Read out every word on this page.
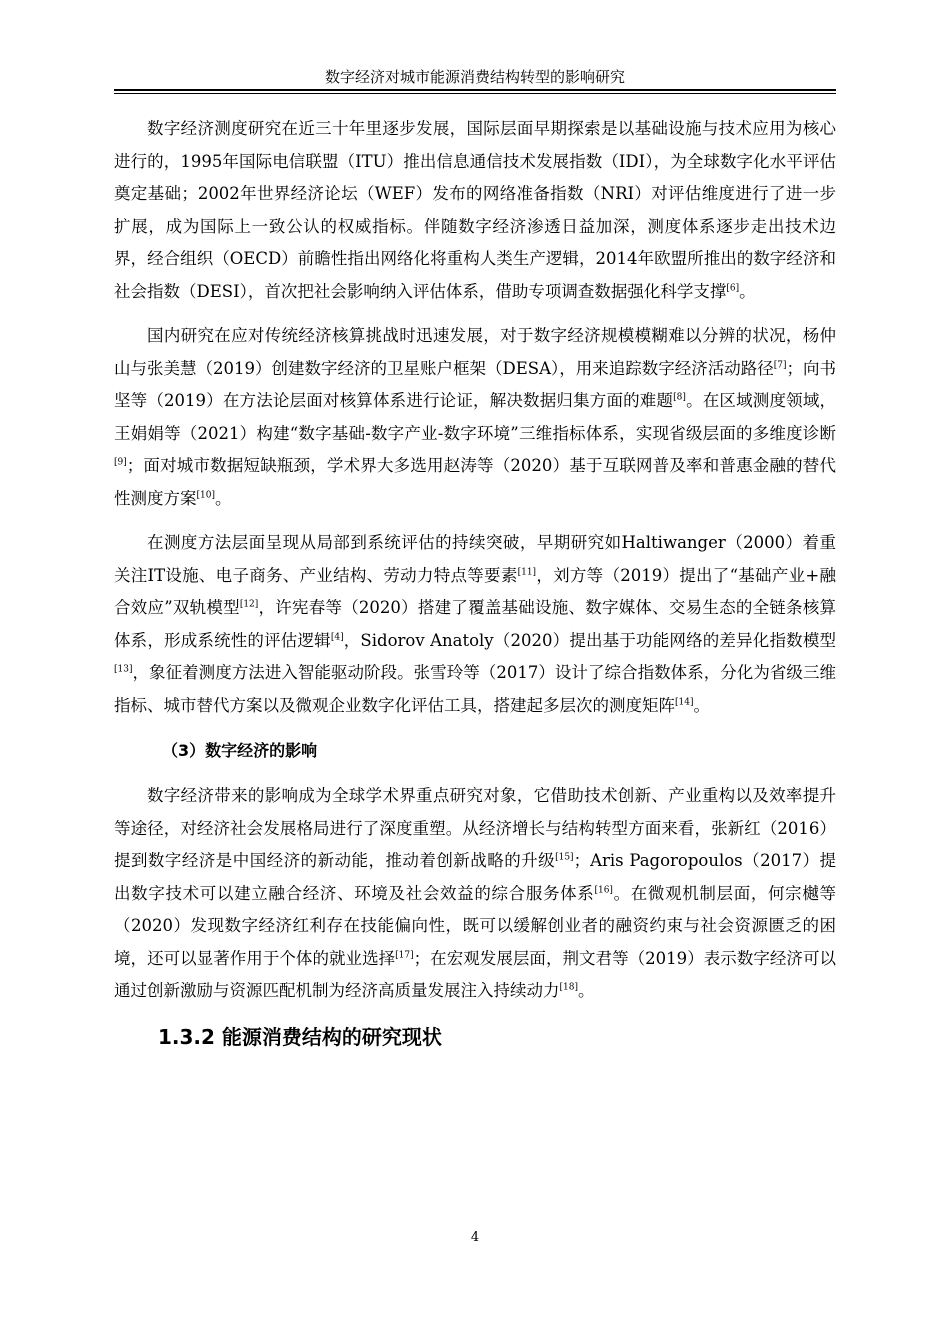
数字经济对城市能源消费结构转型的影响研究

数字经济测度研究在近三十年里逐步发展，国际层面早期探索是以基础设施与技术应用为核心进行的，1995年国际电信联盟（ITU）推出信息通信技术发展指数（IDI），为全球数字化水平评估奠定基础；2002年世界经济论坛（WEF）发布的网络准备指数（NRI）对评估维度进行了进一步扩展，成为国际上一致公认的权威指标。伴随数字经济渗透日益加深，测度体系逐步走出技术边界，经合组织（OECD）前瞻性指出网络化将重构人类生产逻辑，2014年欧盟所推出的数字经济和社会指数（DESI），首次把社会影响纳入评估体系，借助专项调查数据强化科学支撑[6]。

国内研究在应对传统经济核算挑战时迅速发展，对于数字经济规模模糊难以分辨的状况，杨仲山与张美慧（2019）创建数字经济的卫星账户框架（DESA），用来追踪数字经济活动路径[7]；向书坚等（2019）在方法论层面对核算体系进行论证，解决数据归集方面的难题[8]。在区域测度领域，王娟娟等（2021）构建“数字基础-数字产业-数字环境”三维指标体系，实现省级层面的多维度诊断[9]；面对城市数据短缺瓶颈，学术界大多选用赵涛等（2020）基于互联网普及率和普惠金融的替代性测度方案[10]。

在测度方法层面呈现从局部到系统评估的持续突破，早期研究如Haltiwanger（2000）着重关注IT设施、电子商务、产业结构、劳动力特点等要素[11]，刘方等（2019）提出了“基础产业+融合效应”双轨模型[12]，许宪春等（2020）搭建了覆盖基础设施、数字媒体、交易生态的全链条核算体系，形成系统性的评估逻辑[4]，Sidorov Anatoly（2020）提出基于功能网络的差异化指数模型[13]，象征着测度方法进入智能驱动阶段。张雪玲等（2017）设计了综合指数体系，分化为省级三维指标、城市替代方案以及微观企业数字化评估工具，搭建起多层次的测度矩阵[14]。

（3）数字经济的影响

数字经济带来的影响成为全球学术界重点研究对象，它借助技术创新、产业重构以及效率提升等途径，对经济社会发展格局进行了深度重塑。从经济增长与结构转型方面来看，张新红（2016）提到数字经济是中国经济的新动能，推动着创新战略的升级[15]；Aris Pagoropoulos（2017）提出数字技术可以建立融合经济、环境及社会效益的综合服务体系[16]。在微观机制层面，何宗樾等（2020）发现数字经济红利存在技能偏向性，既可以缓解创业者的融资约束与社会资源匮乏的困境，还可以显著作用于个体的就业选择[17]；在宏观发展层面，荆文君等（2019）表示数字经济可以通过创新激励与资源匹配机制为经济高质量发展注入持续动力[18]。

1.3.2 能源消费结构的研究现状
4
